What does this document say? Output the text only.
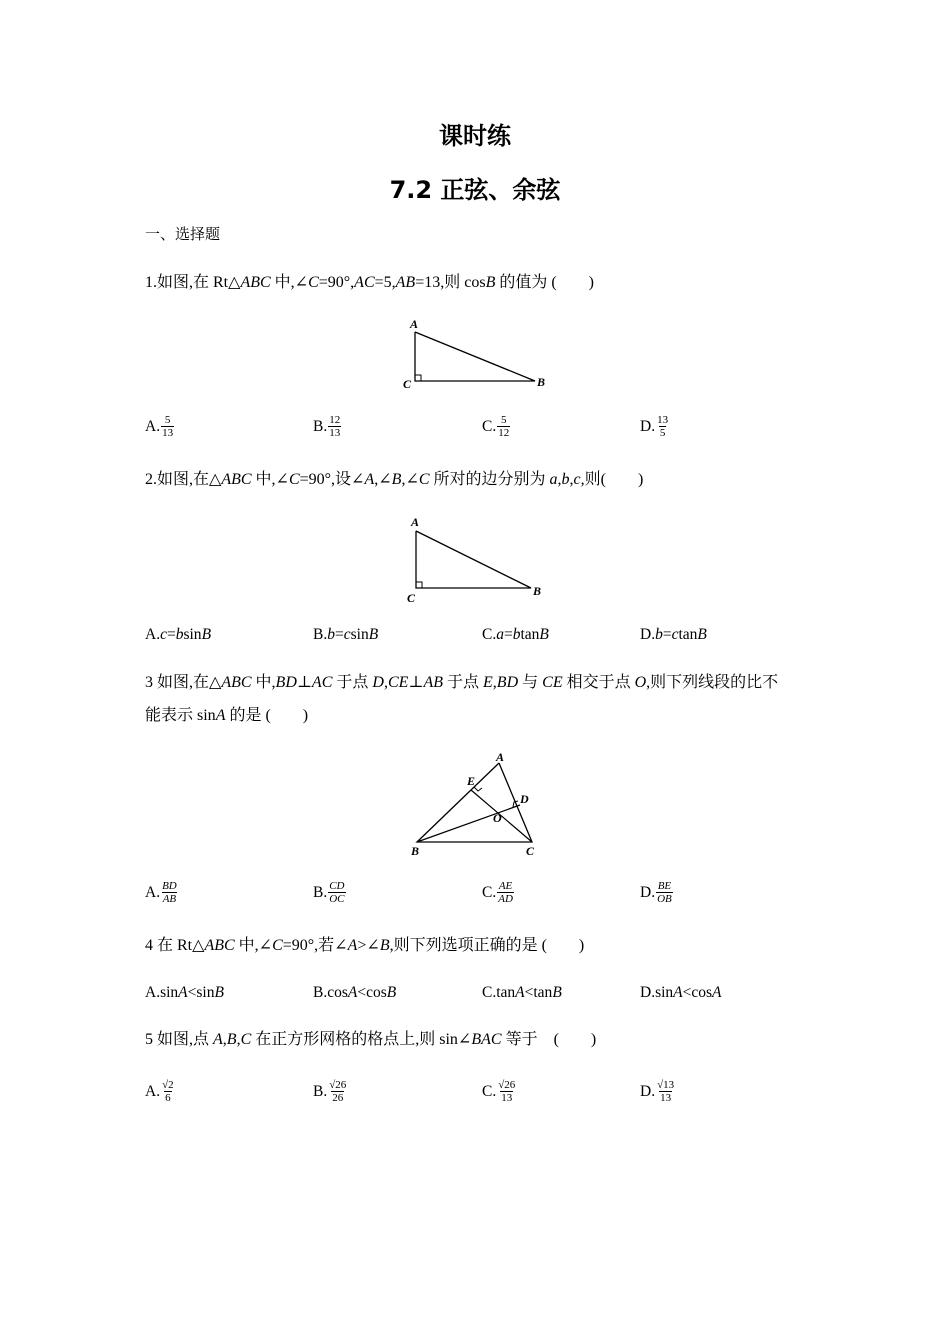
课时练
7.2 正弦、余弦
一、选择题
1.如图,在 Rt△ABC 中,∠C=90°,AC=5,AB=13,则 cosB 的值为 (　　)
A
C	B
A. $\frac{5}{13}$	B. $\frac{12}{13}$	C. $\frac{5}{12}$	D. $\frac{13}{5}$
2.如图,在△ABC 中,∠C=90°,设∠A,∠B,∠C 所对的边分别为 a,b,c,则(　　)
A
C	B
A. c = b sin B	B. b = c sin B	C. a = b tan B	D. b = c tan B
3 如图,在△ABC 中,BD⊥AC 于点 D,CE⊥AB 于点 E,BD 与 CE 相交于点 O,则下列线段的比不
能表示 sinA 的是 (　　)
A
E
D
O
B	C
A. $\frac{BD}{AB}$	B. $\frac{CD}{OC}$	C. $\frac{AE}{AD}$	D. $\frac{BE}{OB}$
4 在 Rt△ABC 中,∠C=90°,若∠A>∠B,则下列选项正确的是 (　　)
A.sin A <sin B	B.cos A <cos B	C.tan A <tan B	D.sin A <cos A
5 如图,点 A,B,C 在正方形网格的格点上,则 sin∠BAC 等于　(　　)
A. $\frac{√2}{6}$	B. $\frac{√26}{26}$	C. $\frac{√26}{13}$	D. $\frac{√13}{13}$
